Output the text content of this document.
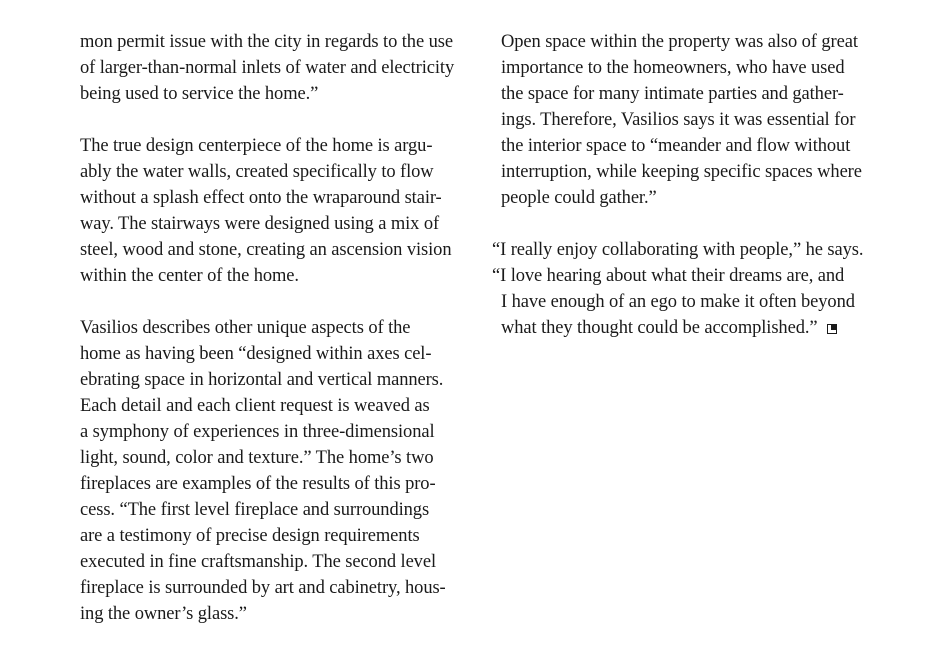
mon permit issue with the city in regards to the use
of larger-than-normal inlets of water and electricity
being used to service the home.”
The true design centerpiece of the home is argu-
ably the water walls, created specifically to flow
without a splash effect onto the wraparound stair-
way. The stairways were designed using a mix of
steel, wood and stone, creating an ascension vision
within the center of the home.
Vasilios describes other unique aspects of the
home as having been “designed within axes cel-
ebrating space in horizontal and vertical manners.
Each detail and each client request is weaved as
a symphony of experiences in three-dimensional
light, sound, color and texture.” The home’s two
fireplaces are examples of the results of this pro-
cess. “The first level fireplace and surroundings
are a testimony of precise design requirements
executed in fine craftsmanship. The second level
fireplace is surrounded by art and cabinetry, hous-
ing the owner’s glass.”
Open space within the property was also of great
importance to the homeowners, who have used
the space for many intimate parties and gather-
ings. Therefore, Vasilios says it was essential for
the interior space to “meander and flow without
interruption, while keeping specific spaces where
people could gather.”
“I really enjoy collaborating with people,” he says.
“I love hearing about what their dreams are, and
I have enough of an ego to make it often beyond
what they thought could be accomplished.”
